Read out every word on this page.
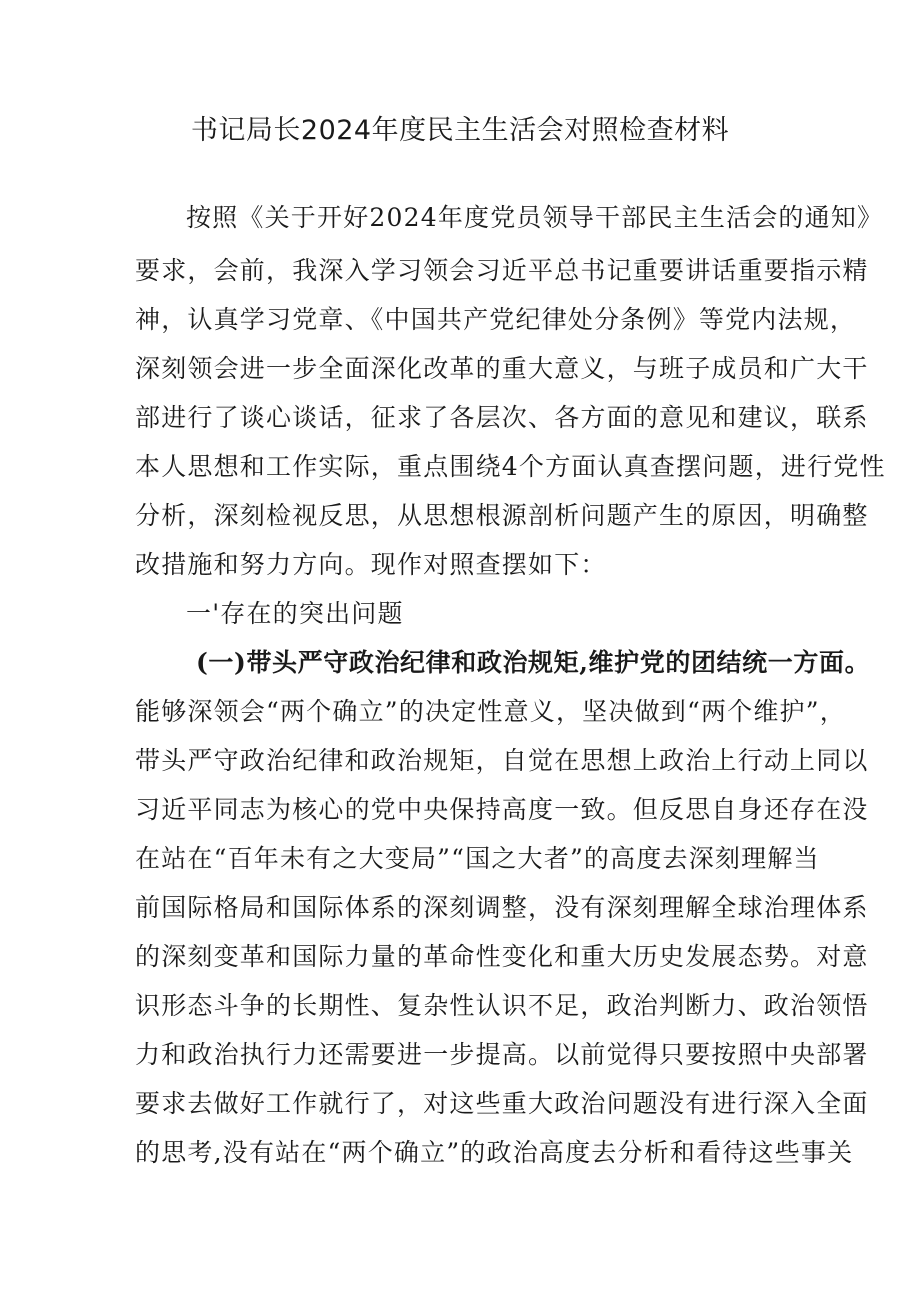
书记局长2024年度民主生活会对照检查材料

按照《关于开好2024年度党员领导干部民主生活会的通知》

要求，会前，我深入学习领会习近平总书记重要讲话重要指示精

神，认真学习党章、《中国共产党纪律处分条例》等党内法规，

深刻领会进一步全面深化改革的重大意义，与班子成员和广大干

部进行了谈心谈话，征求了各层次、各方面的意见和建议，联系

本人思想和工作实际，重点围绕4个方面认真查摆问题，进行党性

分析，深刻检视反思，从思想根源剖析问题产生的原因，明确整

改措施和努力方向。现作对照查摆如下：

一'存在的突出问题

(一)带头严守政治纪律和政治规矩,维护党的团结统一方面。

能够深领会“两个确立”的决定性意义，坚决做到“两个维护”，

带头严守政治纪律和政治规矩，自觉在思想上政治上行动上同以

习近平同志为核心的党中央保持高度一致。但反思自身还存在没

在站在“百年未有之大变局”“国之大者”的高度去深刻理解当

前国际格局和国际体系的深刻调整，没有深刻理解全球治理体系

的深刻变革和国际力量的革命性变化和重大历史发展态势。对意

识形态斗争的长期性、复杂性认识不足，政治判断力、政治领悟

力和政治执行力还需要进一步提高。以前觉得只要按照中央部署

要求去做好工作就行了，对这些重大政治问题没有进行深入全面

的思考,没有站在“两个确立”的政治高度去分析和看待这些事关
